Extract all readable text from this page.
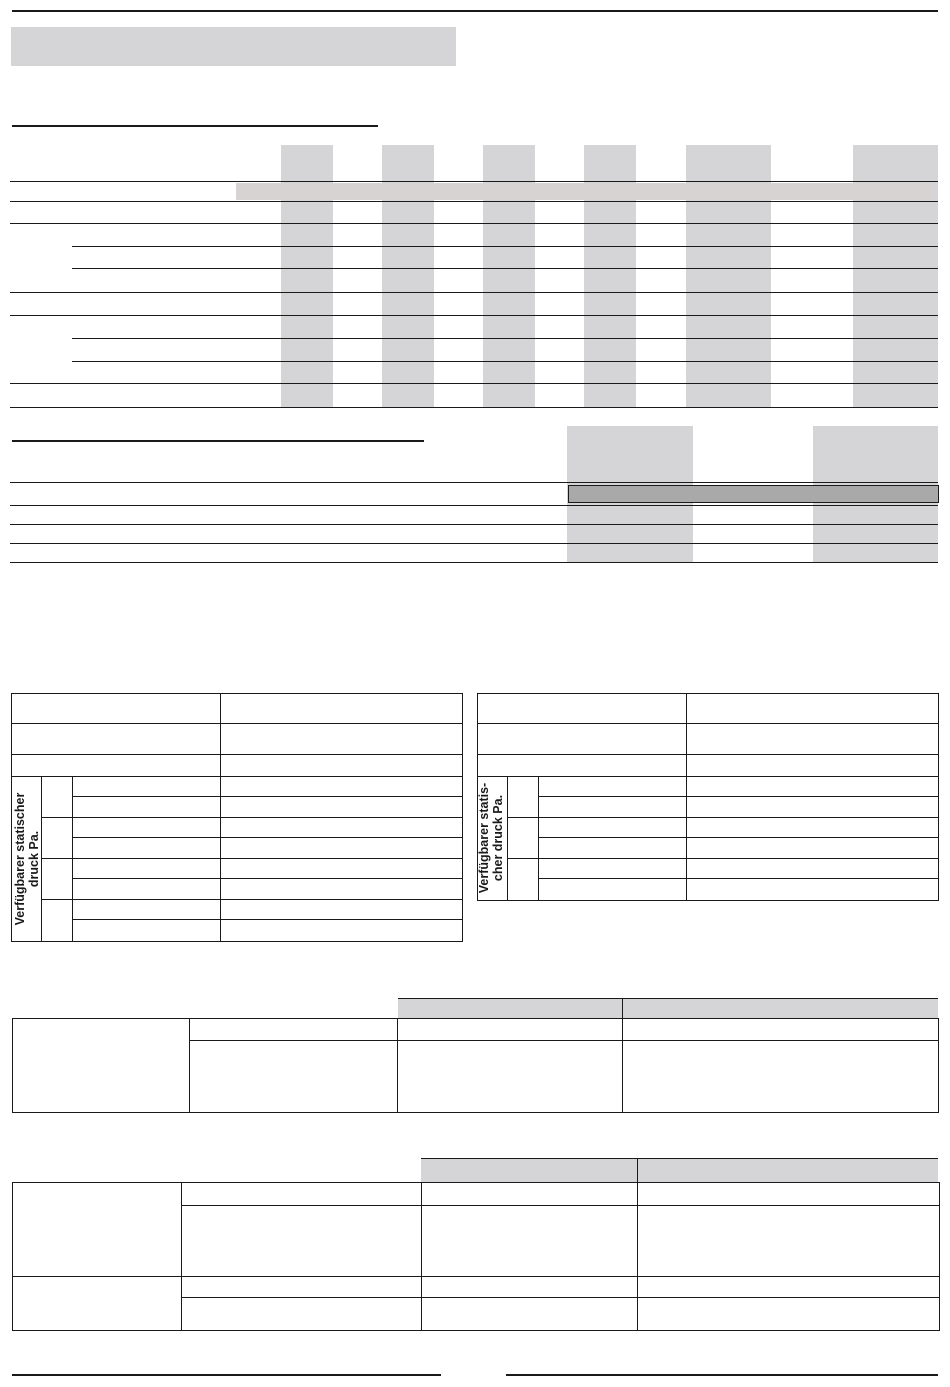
Verfügbarer statischer druck Pa.	Verfügbarer statis- cher druck Pa.
